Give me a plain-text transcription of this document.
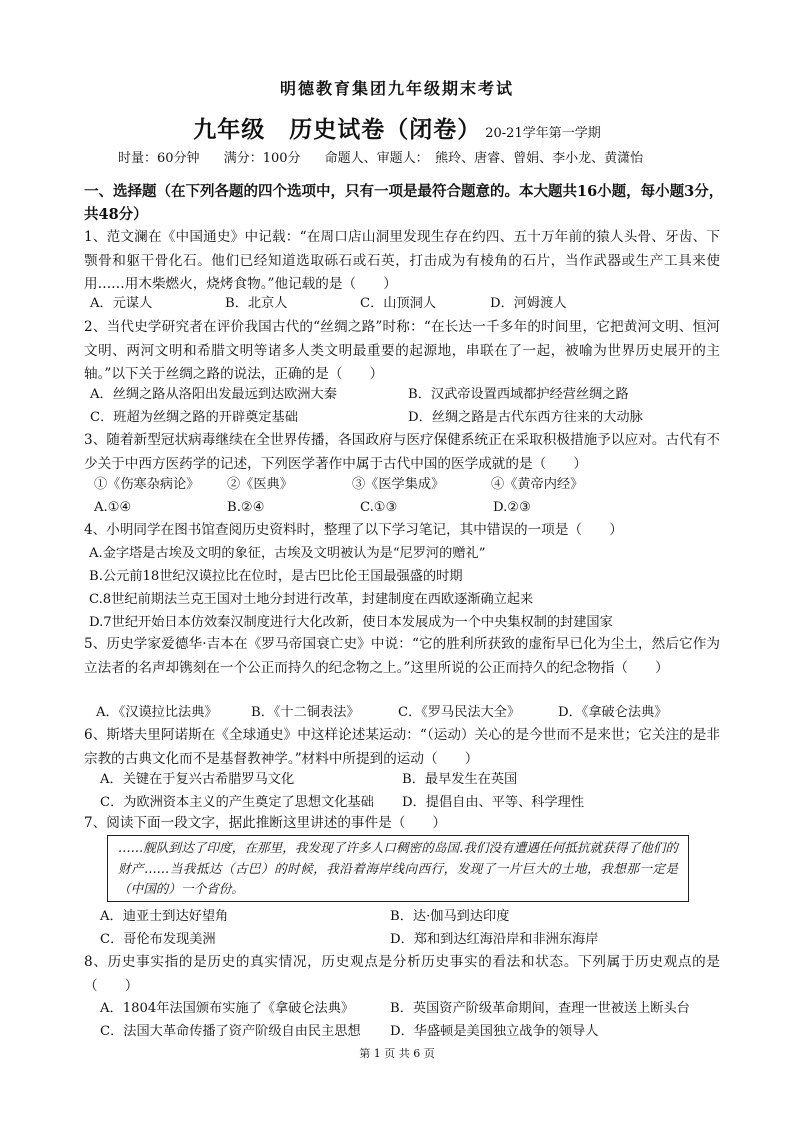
明德教育集团九年级期末考试
九年级　历史试卷（闭卷） 20-21学年第一学期
时量：60分钟 满分：100分 命题人、审题人：　熊玲、唐睿、曾娟、李小龙、黄潇怡
一、选择题（在下列各题的四个选项中，只有一项是最符合题意的。本大题共16小题，每小题3分，共48分）
1、范文澜在《中国通史》中记载：“在周口店山洞里发现生存在约四、五十万年前的猿人头骨、牙齿、下颚骨和躯干骨化石。他们已经知道选取砾石或石英，打击成为有棱角的石片，当作武器或生产工具来使用……用木柴燃火，烧烤食物。”他记载的是（　　）
A．元谋人	B．北京人	C．山顶洞人	D．河姆渡人
2、当代史学研究者在评价我国古代的“丝绸之路”时称：“在长达一千多年的时间里，它把黄河文明、恒河文明、两河文明和希腊文明等诸多人类文明最重要的起源地，串联在了一起，被喻为世界历史展开的主轴。”以下关于丝绸之路的说法，正确的是（　　）
A．丝绸之路从洛阳出发最远到达欧洲大秦	B．汉武帝设置西域都护经营丝绸之路
C．班超为丝绸之路的开辟奠定基础	D．丝绸之路是古代东西方往来的大动脉
3、随着新型冠状病毒继续在全世界传播，各国政府与医疗保健系统正在采取积极措施予以应对。古代有不少关于中西方医药学的记述，下列医学著作中属于古代中国的医学成就的是（　　）
①《伤寒杂病论》 ②《医典》	③《医学集成》	④《黄帝内经》
A.①④	B.②④	C.①③	D.②③
4、小明同学在图书馆查阅历史资料时，整理了以下学习笔记，其中错误的一项是（　　）
A.金字塔是古埃及文明的象征，古埃及文明被认为是“尼罗河的赠礼”
B.公元前18世纪汉谟拉比在位时，是古巴比伦王国最强盛的时期
C.8世纪前期法兰克王国对土地分封进行改革，封建制度在西欧逐渐确立起来
D.7世纪开始日本仿效秦汉制度进行大化改新，使日本发展成为一个中央集权制的封建国家
5、历史学家爱德华·吉本在《罗马帝国衰亡史》中说：“它的胜利所获致的虚衔早已化为尘土，然后它作为立法者的名声却镌刻在一个公正而持久的纪念物之上。”这里所说的公正而持久的纪念物指（　　）
A．《汉谟拉比法典》	B．《十二铜表法》	C．《罗马民法大全》	D．《拿破仑法典》
6、斯塔夫里阿诺斯在《全球通史》中这样论述某运动：“（运动）关心的是今世而不是来世；它关注的是非宗教的古典文化而不是基督教神学。”材料中所提到的运动（　　）
A．关键在于复兴古希腊罗马文化	B．最早发生在英国
C．为欧洲资本主义的产生奠定了思想文化基础 D．提倡自由、平等、科学理性
7、阅读下面一段文字，据此推断这里讲述的事件是（　　）
……舰队到达了印度，在那里，我发现了许多人口稠密的岛国.我们没有遭遇任何抵抗就获得了他们的财产……当我抵达（古巴）的时候，我沿着海岸线向西行，发现了一片巨大的土地，我想那一定是（中国的）一个省份。
A．迪亚士到达好望角	B．达·伽马到达印度
C．哥伦布发现美洲	D．郑和到达红海沿岸和非洲东海岸
8、历史事实指的是历史的真实情况，历史观点是分析历史事实的看法和状态。下列属于历史观点的是（　　）
A．1804年法国颁布实施了《拿破仑法典》	B．英国资产阶级革命期间，查理一世被送上断头台
C．法国大革命传播了资产阶级自由民主思想 D．华盛顿是美国独立战争的领导人
第 1 页 共 6 页
